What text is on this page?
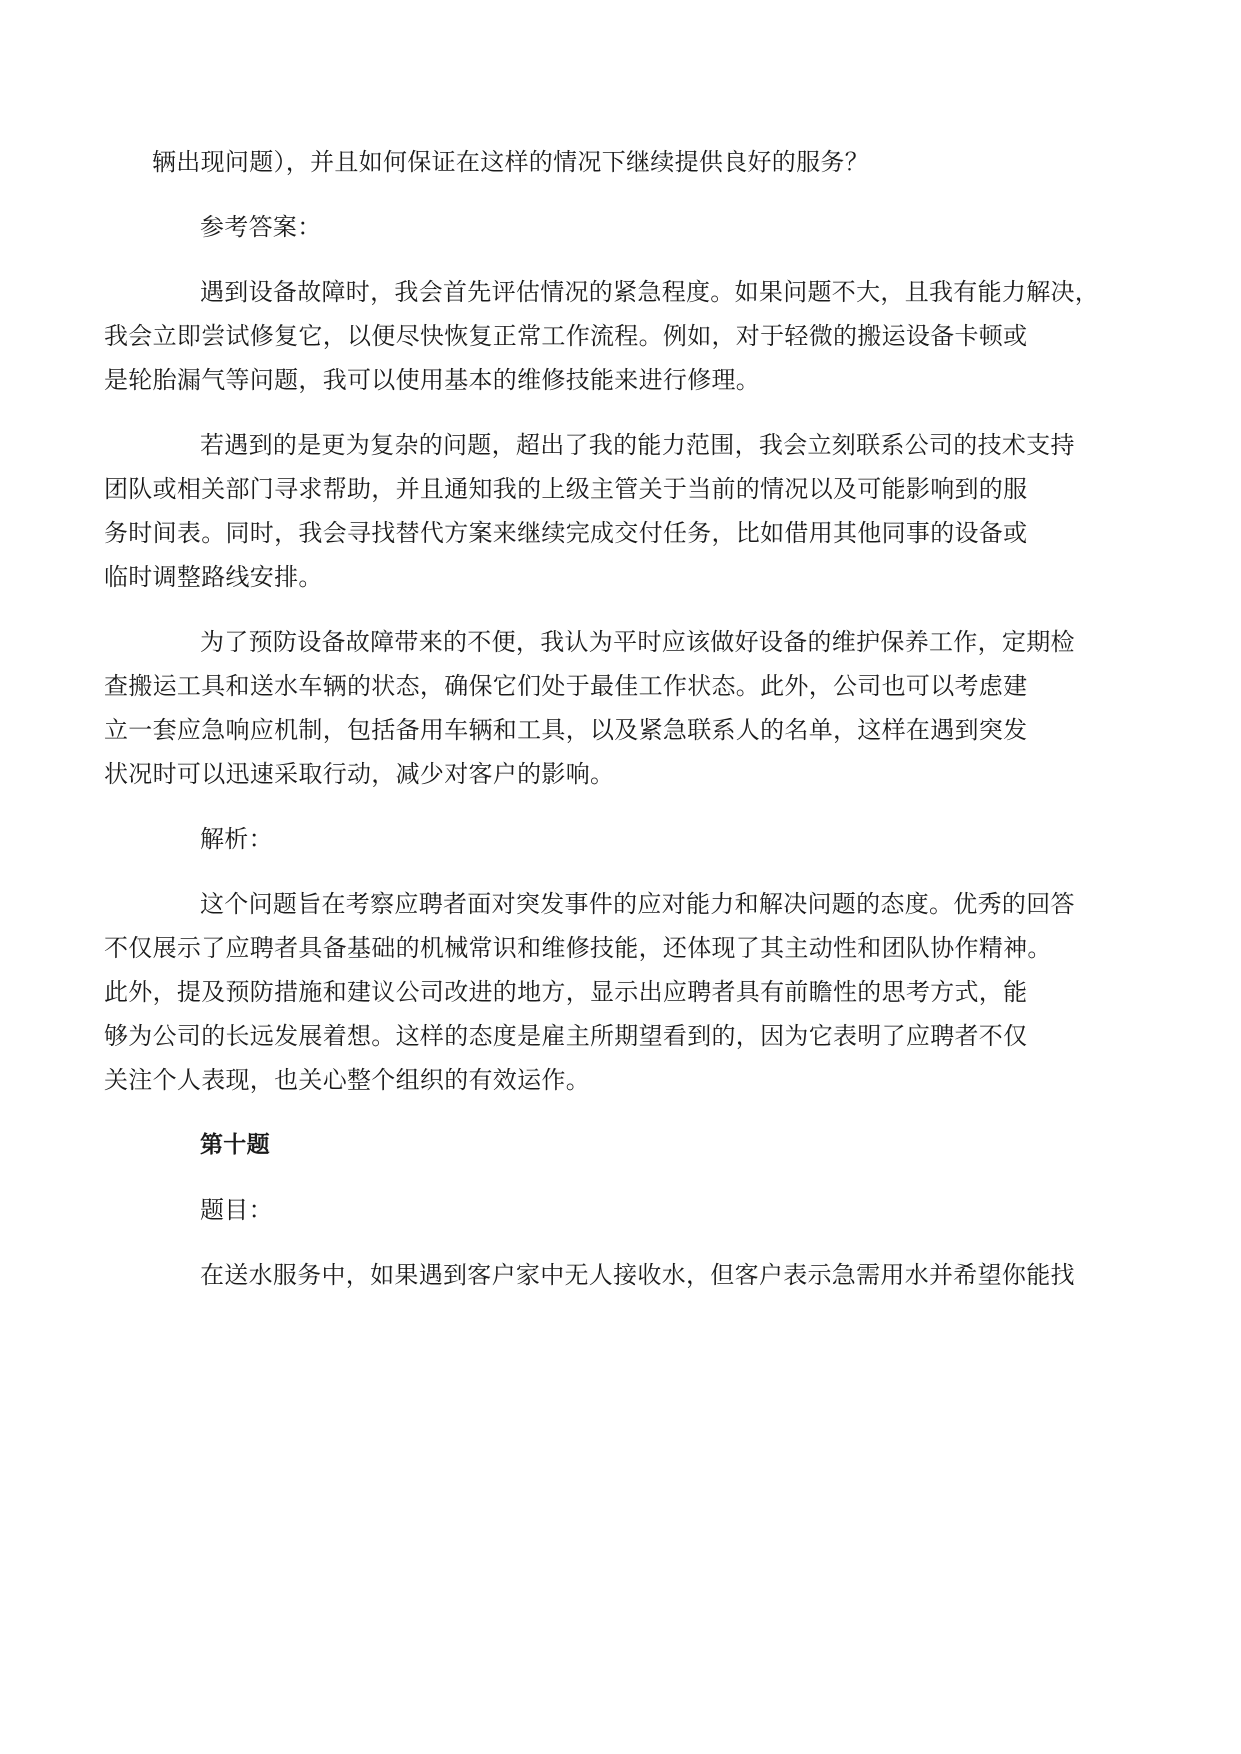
辆出现问题），并且如何保证在这样的情况下继续提供良好的服务？

参考答案：

遇到设备故障时，我会首先评估情况的紧急程度。如果问题不大，且我有能力解决，
我会立即尝试修复它，以便尽快恢复正常工作流程。例如，对于轻微的搬运设备卡顿或
是轮胎漏气等问题，我可以使用基本的维修技能来进行修理。

若遇到的是更为复杂的问题，超出了我的能力范围，我会立刻联系公司的技术支持
团队或相关部门寻求帮助，并且通知我的上级主管关于当前的情况以及可能影响到的服
务时间表。同时，我会寻找替代方案来继续完成交付任务，比如借用其他同事的设备或
临时调整路线安排。

为了预防设备故障带来的不便，我认为平时应该做好设备的维护保养工作，定期检
查搬运工具和送水车辆的状态，确保它们处于最佳工作状态。此外，公司也可以考虑建
立一套应急响应机制，包括备用车辆和工具，以及紧急联系人的名单，这样在遇到突发
状况时可以迅速采取行动，减少对客户的影响。

解析：

这个问题旨在考察应聘者面对突发事件的应对能力和解决问题的态度。优秀的回答
不仅展示了应聘者具备基础的机械常识和维修技能，还体现了其主动性和团队协作精神。
此外，提及预防措施和建议公司改进的地方，显示出应聘者具有前瞻性的思考方式，能
够为公司的长远发展着想。这样的态度是雇主所期望看到的，因为它表明了应聘者不仅
关注个人表现，也关心整个组织的有效运作。

第十题

题目：

在送水服务中，如果遇到客户家中无人接收水，但客户表示急需用水并希望你能找
